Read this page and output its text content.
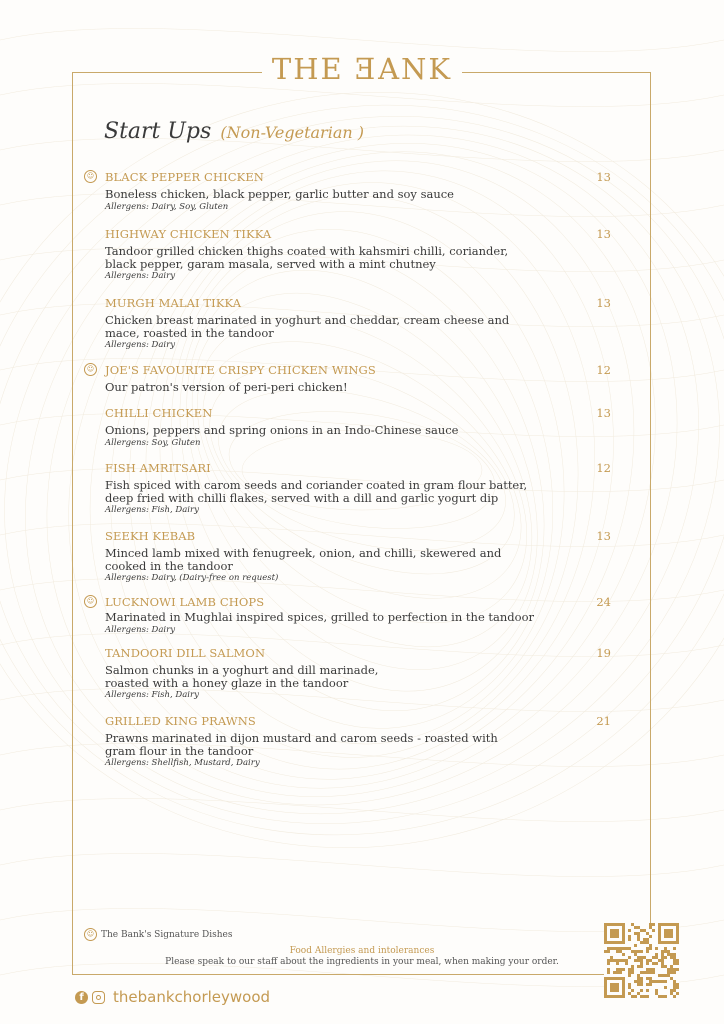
THE ƎANK
Start Ups (Non-Vegetarian )
☺ BLACK PEPPER CHICKEN	13
Boneless chicken, black pepper, garlic butter and soy sauce
Allergens: Dairy, Soy, Gluten
HIGHWAY CHICKEN TIKKA	13
Tandoor grilled chicken thighs coated with kahsmiri chilli, coriander, black pepper, garam masala, served with a mint chutney
Allergens: Dairy
MURGH MALAI TIKKA	13
Chicken breast marinated in yoghurt and cheddar, cream cheese and mace, roasted in the tandoor
Allergens: Dairy
☺ JOE'S FAVOURITE CRISPY CHICKEN WINGS	12
Our patron's version of peri-peri chicken!
CHILLI CHICKEN	13
Onions, peppers and spring onions in an Indo-Chinese sauce
Allergens: Soy, Gluten
FISH AMRITSARI	12
Fish spiced with carom seeds and coriander coated in gram flour batter, deep fried with chilli flakes, served with a dill and garlic yogurt dip
Allergens: Fish, Dairy
SEEKH KEBAB	13
Minced lamb mixed with fenugreek, onion, and chilli, skewered and cooked in the tandoor
Allergens: Dairy, (Dairy-free on request)
☺ LUCKNOWI LAMB CHOPS	24
Marinated in Mughlai inspired spices, grilled to perfection in the tandoor
Allergens: Dairy
TANDOORI DILL SALMON	19
Salmon chunks in a yoghurt and dill marinade, roasted with a honey glaze in the tandoor
Allergens: Fish, Dairy
GRILLED KING PRAWNS	21
Prawns marinated in dijon mustard and carom seeds - roasted with gram flour in the tandoor
Allergens: Shellfish, Mustard, Dairy
☺ The Bank's Signature Dishes
Food Allergies and intolerances
Please speak to our staff about the ingredients in your meal, when making your order.
f thebankchorleywood
